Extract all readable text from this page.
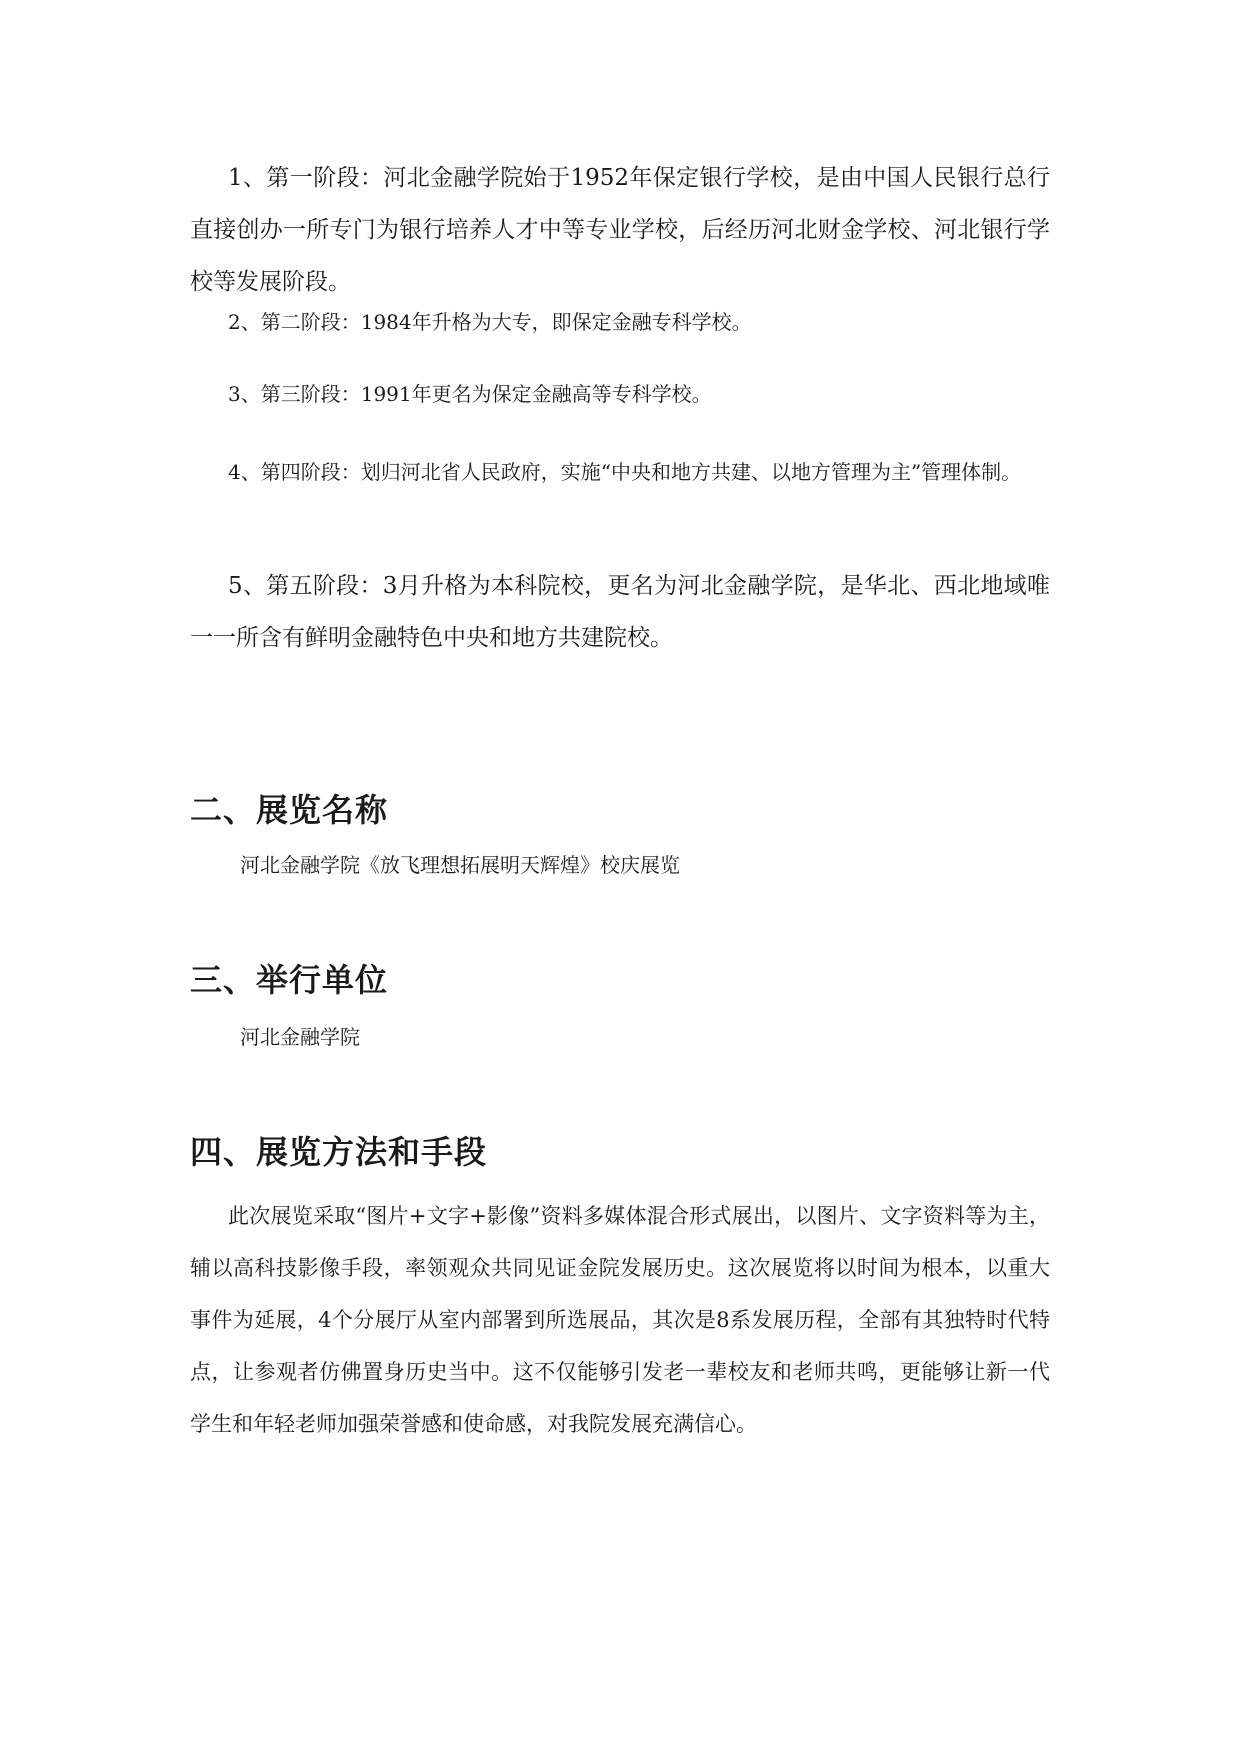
1、第一阶段：河北金融学院始于1952年保定银行学校，是由中国人民银行总行直接创办一所专门为银行培养人才中等专业学校，后经历河北财金学校、河北银行学校等发展阶段。

2、第二阶段：1984年升格为大专，即保定金融专科学校。

3、第三阶段：1991年更名为保定金融高等专科学校。

4、第四阶段：划归河北省人民政府，实施“中央和地方共建、以地方管理为主”管理体制。

5、第五阶段：3月升格为本科院校，更名为河北金融学院，是华北、西北地域唯一一所含有鲜明金融特色中央和地方共建院校。

二、展览名称

河北金融学院《放飞理想拓展明天辉煌》校庆展览

三、举行单位

河北金融学院

四、展览方法和手段

此次展览采取“图片+文字+影像”资料多媒体混合形式展出，以图片、文字资料等为主，辅以高科技影像手段，率领观众共同见证金院发展历史。这次展览将以时间为根本，以重大事件为延展，4个分展厅从室内部署到所选展品，其次是8系发展历程，全部有其独特时代特点，让参观者仿佛置身历史当中。这不仅能够引发老一辈校友和老师共鸣，更能够让新一代学生和年轻老师加强荣誉感和使命感，对我院发展充满信心。
